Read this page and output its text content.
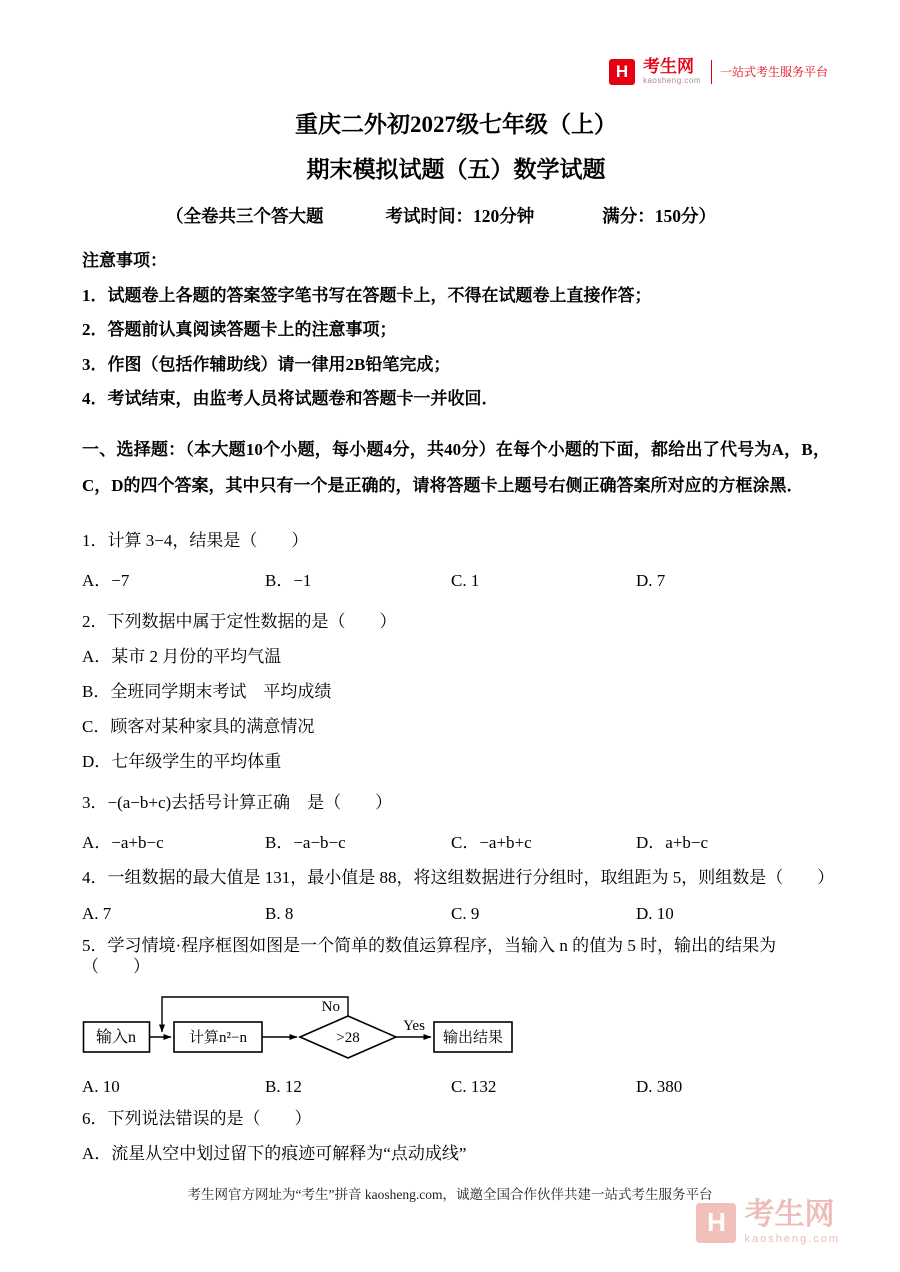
H 考生网
kaosheng.com
一站式考生服务平台
重庆二外初2027级七年级（上）
期末模拟试题（五）数学试题
（全卷共三个答大题	考试时间：120分钟	满分：150分）
注意事项：
1．试题卷上各题的答案签字笔书写在答题卡上，不得在试题卷上直接作答；
2．答题前认真阅读答题卡上的注意事项；
3．作图（包括作辅助线）请一律用2B铅笔完成；
4．考试结束，由监考人员将试题卷和答题卡一并收回．

一、选择题：（本大题10个小题，每小题4分，共40分）在每个小题的下面，都给出了代号为A，B，C，D的四个答案，其中只有一个是正确的，请将答题卡上题号右侧正确答案所对应的方框涂黑．

1．计算 3−4，结果是（　　）
A．−7	B．−1	C. 1	D. 7
2．下列数据中属于定性数据的是（　　）
A．某市 2 月份的平均气温
B．全班同学期末考试　平均成绩
C．顾客对某种家具的满意情况
D．七年级学生的平均体重
3．−(a−b+c)去括号计算正确　是（　　）
A．−a+b−c	B．−a−b−c	C．−a+b+c	D．a+b−c
4．一组数据的最大值是 131，最小值是 88，将这组数据进行分组时，取组距为 5，则组数是（　　）
A. 7	B. 8	C. 9	D. 10
5．学习情境·程序框图如图是一个简单的数值运算程序，当输入 n 的值为 5 时，输出的结果为（　　）
输入n	计算n²−n	>28
No
Yes
输出结果
A. 10	B. 12	C. 132	D. 380
6．下列说法错误的是（　　）
A．流星从空中划过留下的痕迹可解释为“点动成线”
考生网官方网址为“考生”拼音 kaosheng.com，诚邀全国合作伙伴共建一站式考生服务平台
H 考生网
kaosheng.com
